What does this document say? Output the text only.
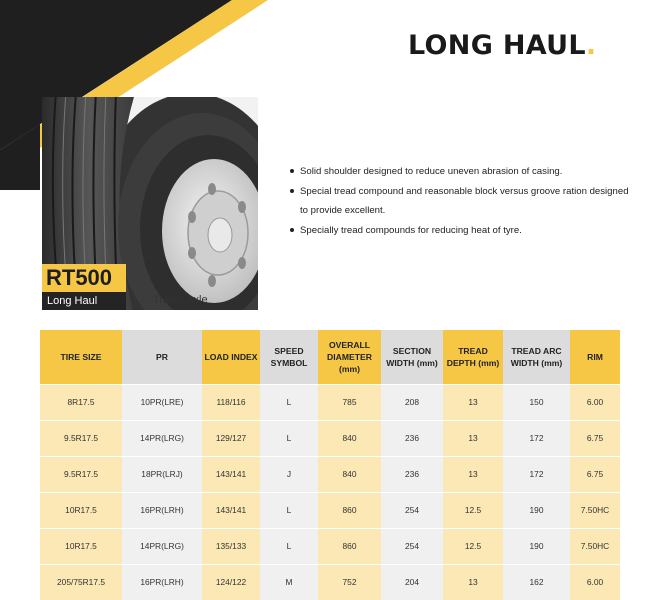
LONG HAUL.
RT500
Long Haul	Trailer Axle
Solid shoulder designed to reduce uneven abrasion of casing.
Special tread compound and reasonable block versus groove ration designed to provide excellent.
Specially tread compounds for reducing heat of tyre.
TIRE SIZE	PR	LOAD INDEX	SPEED SYMBOL	OVERALL DIAMETER (mm)	SECTION WIDTH (mm)	TREAD DEPTH (mm)	TREAD ARC WIDTH (mm)	RIM
8R17.5	10PR(LRE)	118/116	L	785	208	13	150	6.00
9.5R17.5	14PR(LRG)	129/127	L	840	236	13	172	6.75
9.5R17.5	18PR(LRJ)	143/141	J	840	236	13	172	6.75
10R17.5	16PR(LRH)	143/141	L	860	254	12.5	190	7.50HC
10R17.5	14PR(LRG)	135/133	L	860	254	12.5	190	7.50HC
205/75R17.5	16PR(LRH)	124/122	M	752	204	13	162	6.00
